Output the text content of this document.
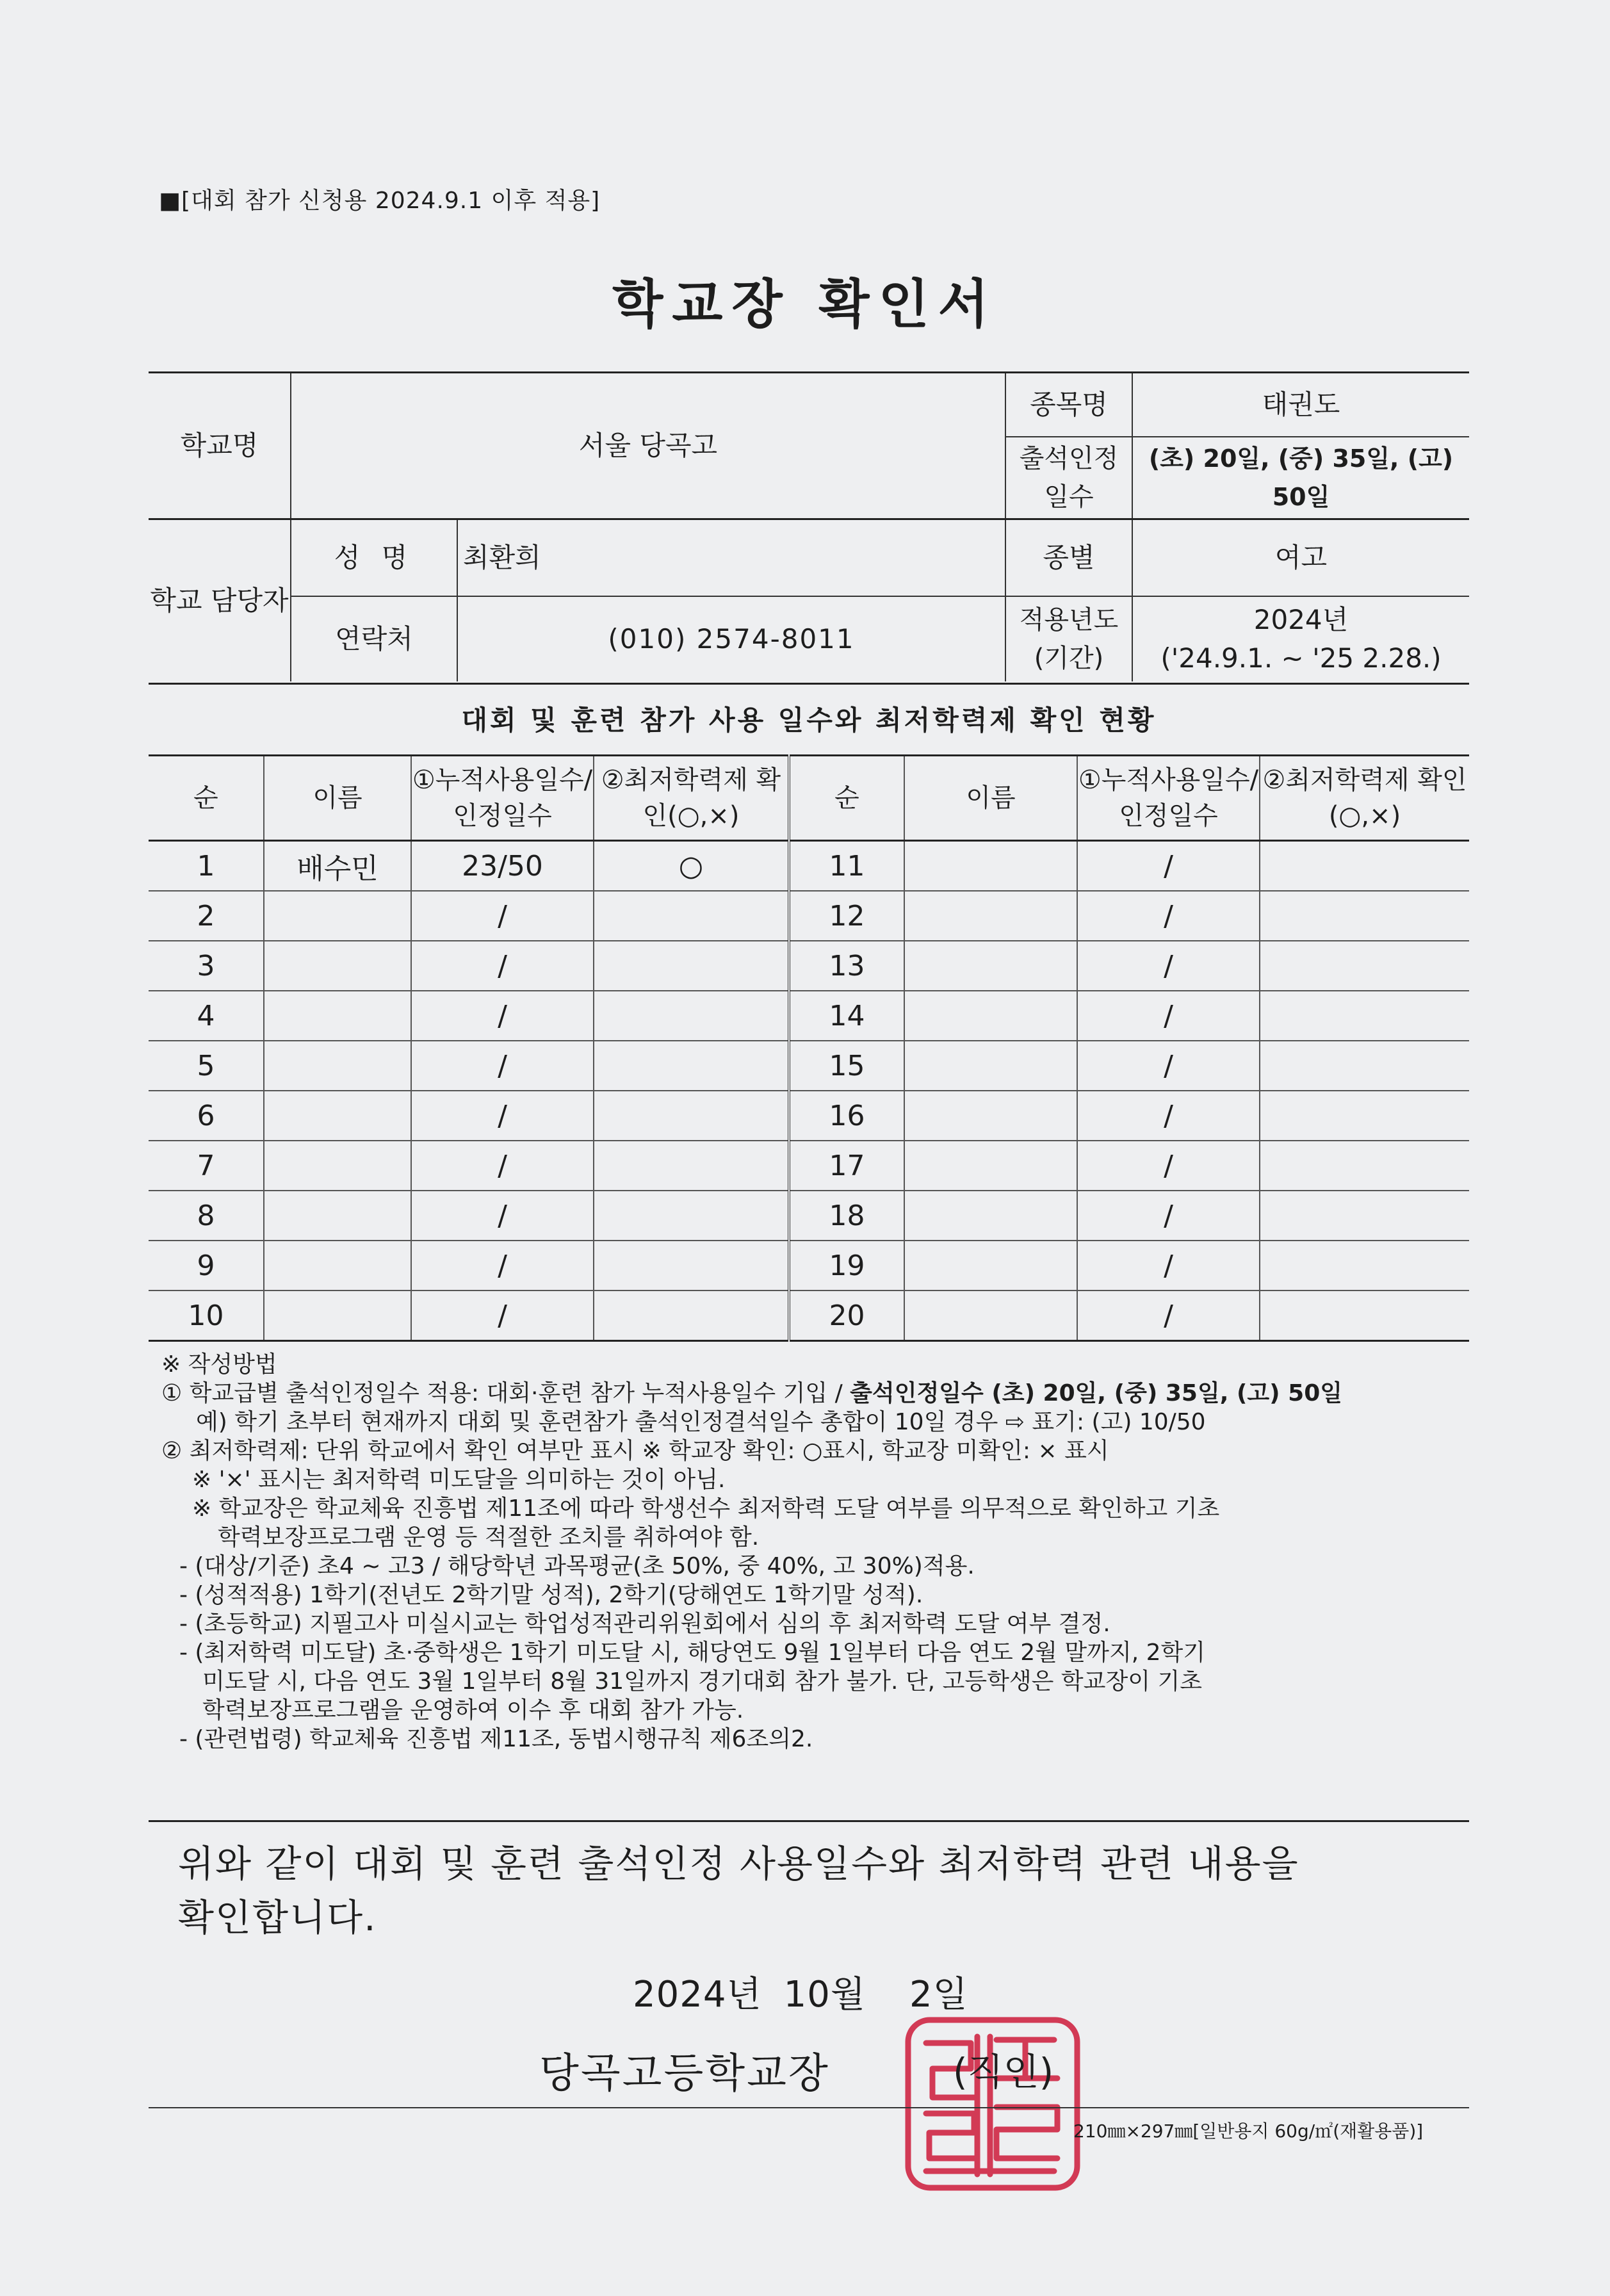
■[대회 참가 신청용 2024.9.1 이후 적용]
학교장 확인서
학교명	서울 당곡고		종목명	태권도
			출석인정 일수	(초) 20일, (중) 35일, (고) 50일
학교 담당자	성 명	최환희	종별	여고
	연락처	(010) 2574-8011	적용년도 (기간)	2024년
('24.9.1. ~ '25 2.28.)
대회 및 훈련 참가 사용 일수와 최저학력제 확인 현황
순	이름	①누적사용일수/인정일수	②최저학력제 확인(○,×)	순	이름	①누적사용일수/인정일수	②최저학력제 확인(○,×)
1	배수민	23/50	○	11		/	
2		/		12		/	
3		/		13		/	
4		/		14		/	
5		/		15		/	
6		/		16		/	
7		/		17		/	
8		/		18		/	
9		/		19		/	
10		/		20		/	
※ 작성방법
① 학교급별 출석인정일수 적용: 대회·훈련 참가 누적사용일수 기입 / 출석인정일수 (초) 20일, (중) 35일, (고) 50일
예) 학기 초부터 현재까지 대회 및 훈련참가 출석인정결석일수 총합이 10일 경우 ⇨ 표기: (고) 10/50
② 최저학력제: 단위 학교에서 확인 여부만 표시 ※ 학교장 확인: ○표시, 학교장 미확인: × 표시
※ '×' 표시는 최저학력 미도달을 의미하는 것이 아님.
※ 학교장은 학교체육 진흥법 제11조에 따라 학생선수 최저학력 도달 여부를 의무적으로 확인하고 기초
학력보장프로그램 운영 등 적절한 조치를 취하여야 함.
- (대상/기준) 초4 ~ 고3 / 해당학년 과목평균(초 50%, 중 40%, 고 30%)적용.
- (성적적용) 1학기(전년도 2학기말 성적), 2학기(당해연도 1학기말 성적).
- (초등학교) 지필고사 미실시교는 학업성적관리위원회에서 심의 후 최저학력 도달 여부 결정.
- (최저학력 미도달) 초·중학생은 1학기 미도달 시, 해당연도 9월 1일부터 다음 연도 2월 말까지, 2학기
미도달 시, 다음 연도 3월 1일부터 8월 31일까지 경기대회 참가 불가. 단, 고등학생은 학교장이 기초
학력보장프로그램을 운영하여 이수 후 대회 참가 가능.
- (관련법령) 학교체육 진흥법 제11조, 동법시행규칙 제6조의2.
위와 같이 대회 및 훈련 출석인정 사용일수와 최저학력 관련 내용을
확인합니다.
2024년 10월 2일
당곡고등학교장	(직인)
210㎜×297㎜[일반용지 60g/㎡(재활용품)]
